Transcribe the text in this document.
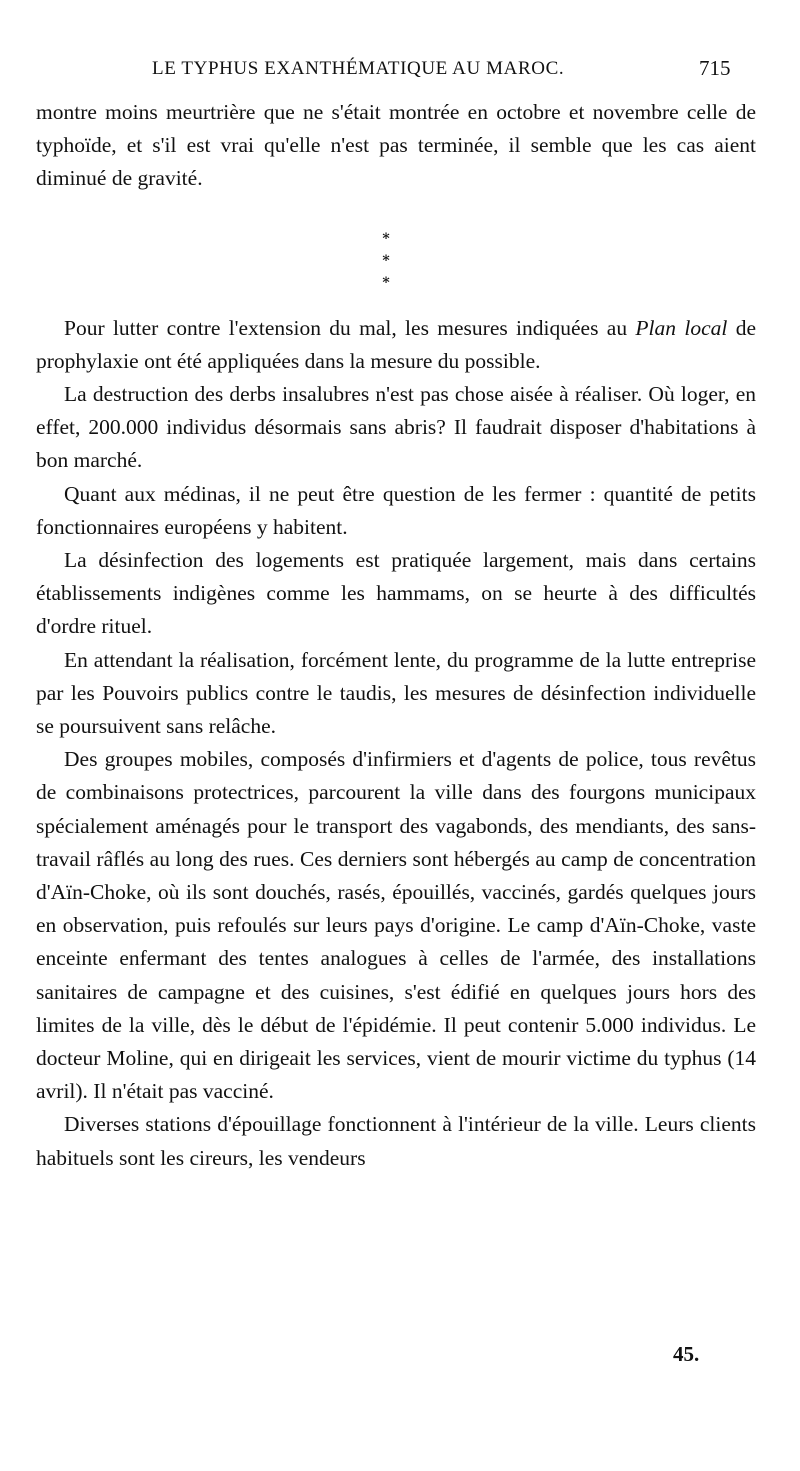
LE TYPHUS EXANTHÉMATIQUE AU MAROC.	715
*
* *

montre moins meurtrière que ne s'était montrée en octobre et novembre celle de typhoïde, et s'il est vrai qu'elle n'est pas terminée, il semble que les cas aient diminué de gravité.

Pour lutter contre l'extension du mal, les mesures indiquées au Plan local de prophylaxie ont été appliquées dans la mesure du possible.

La destruction des derbs insalubres n'est pas chose aisée à réaliser. Où loger, en effet, 200.000 individus désormais sans abris? Il faudrait disposer d'habitations à bon marché.

Quant aux médinas, il ne peut être question de les fermer : quantité de petits fonctionnaires européens y habitent.

La désinfection des logements est pratiquée largement, mais dans certains établissements indigènes comme les hammams, on se heurte à des difficultés d'ordre rituel.

En attendant la réalisation, forcément lente, du programme de la lutte entreprise par les Pouvoirs publics contre le taudis, les mesures de désinfection individuelle se poursuivent sans relâche.

Des groupes mobiles, composés d'infirmiers et d'agents de police, tous revêtus de combinaisons protectrices, parcourent la ville dans des fourgons municipaux spécialement aménagés pour le transport des vagabonds, des mendiants, des sans-travail râflés au long des rues. Ces derniers sont hébergés au camp de concentration d'Aïn-Choke, où ils sont douchés, rasés, épouillés, vaccinés, gardés quelques jours en observation, puis refoulés sur leurs pays d'origine. Le camp d'Aïn-Choke, vaste enceinte enfermant des tentes analogues à celles de l'armée, des installations sanitaires de campagne et des cuisines, s'est édifié en quelques jours hors des limites de la ville, dès le début de l'épidémie. Il peut contenir 5.000 individus. Le docteur Moline, qui en dirigeait les services, vient de mourir victime du typhus (14 avril). Il n'était pas vacciné.

Diverses stations d'épouillage fonctionnent à l'intérieur de la ville. Leurs clients habituels sont les cireurs, les vendeurs

45.
